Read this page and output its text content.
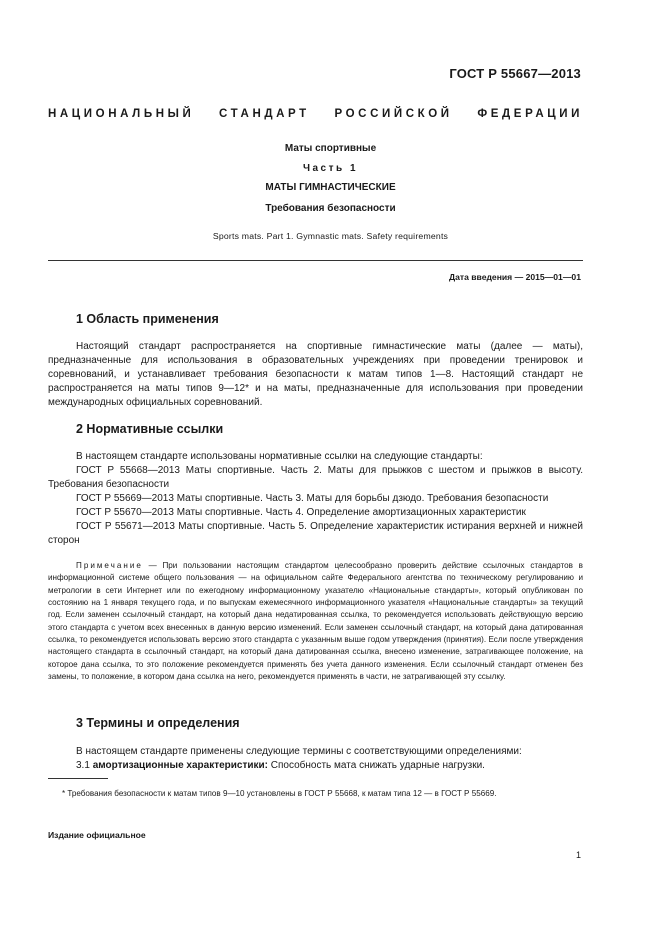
ГОСТ Р 55667—2013
НАЦИОНАЛЬНЫЙ СТАНДАРТ РОССИЙСКОЙ ФЕДЕРАЦИИ
Маты спортивные
Часть 1
МАТЫ ГИМНАСТИЧЕСКИЕ
Требования безопасности
Sports mats. Part 1. Gymnastic mats. Safety requirements
Дата введения — 2015—01—01
1 Область применения

Настоящий стандарт распространяется на спортивные гимнастические маты (далее — маты), предназначенные для использования в образовательных учреждениях при проведении тренировок и соревнований, и устанавливает требования безопасности к матам типов 1—8. Настоящий стандарт не распространяется на маты типов 9—12* и на маты, предназначенные для использования при проведении международных официальных соревнований.

2 Нормативные ссылки

В настоящем стандарте использованы нормативные ссылки на следующие стандарты:

ГОСТ Р 55668—2013 Маты спортивные. Часть 2. Маты для прыжков с шестом и прыжков в высоту. Требования безопасности

ГОСТ Р 55669—2013 Маты спортивные. Часть 3. Маты для борьбы дзюдо. Требования безопасности

ГОСТ Р 55670—2013 Маты спортивные. Часть 4. Определение амортизационных характеристик

ГОСТ Р 55671—2013 Маты спортивные. Часть 5. Определение характеристик истирания верхней и нижней сторон

Примечание — При пользовании настоящим стандартом целесообразно проверить действие ссылочных стандартов в информационной системе общего пользования — на официальном сайте Федерального агентства по техническому регулированию и метрологии в сети Интернет или по ежегодному информационному указателю «Национальные стандарты», который опубликован по состоянию на 1 января текущего года, и по выпускам ежемесячного информационного указателя «Национальные стандарты» за текущий год. Если заменен ссылочный стандарт, на который дана недатированная ссылка, то рекомендуется использовать действующую версию этого стандарта с учетом всех внесенных в данную версию изменений. Если заменен ссылочный стандарт, на который дана датированная ссылка, то рекомендуется использовать версию этого стандарта с указанным выше годом утверждения (принятия). Если после утверждения настоящего стандарта в ссылочный стандарт, на который дана датированная ссылка, внесено изменение, затрагивающее положение, на которое дана ссылка, то это положение рекомендуется применять без учета данного изменения. Если ссылочный стандарт отменен без замены, то положение, в котором дана ссылка на него, рекомендуется применять в части, не затрагивающей эту ссылку.

3 Термины и определения

В настоящем стандарте применены следующие термины с соответствующими определениями:

3.1 амортизационные характеристики: Способность мата снижать ударные нагрузки.

* Требования безопасности к матам типов 9—10 установлены в ГОСТ Р 55668, к матам типа 12 — в ГОСТ Р 55669.

Издание официальное
1
